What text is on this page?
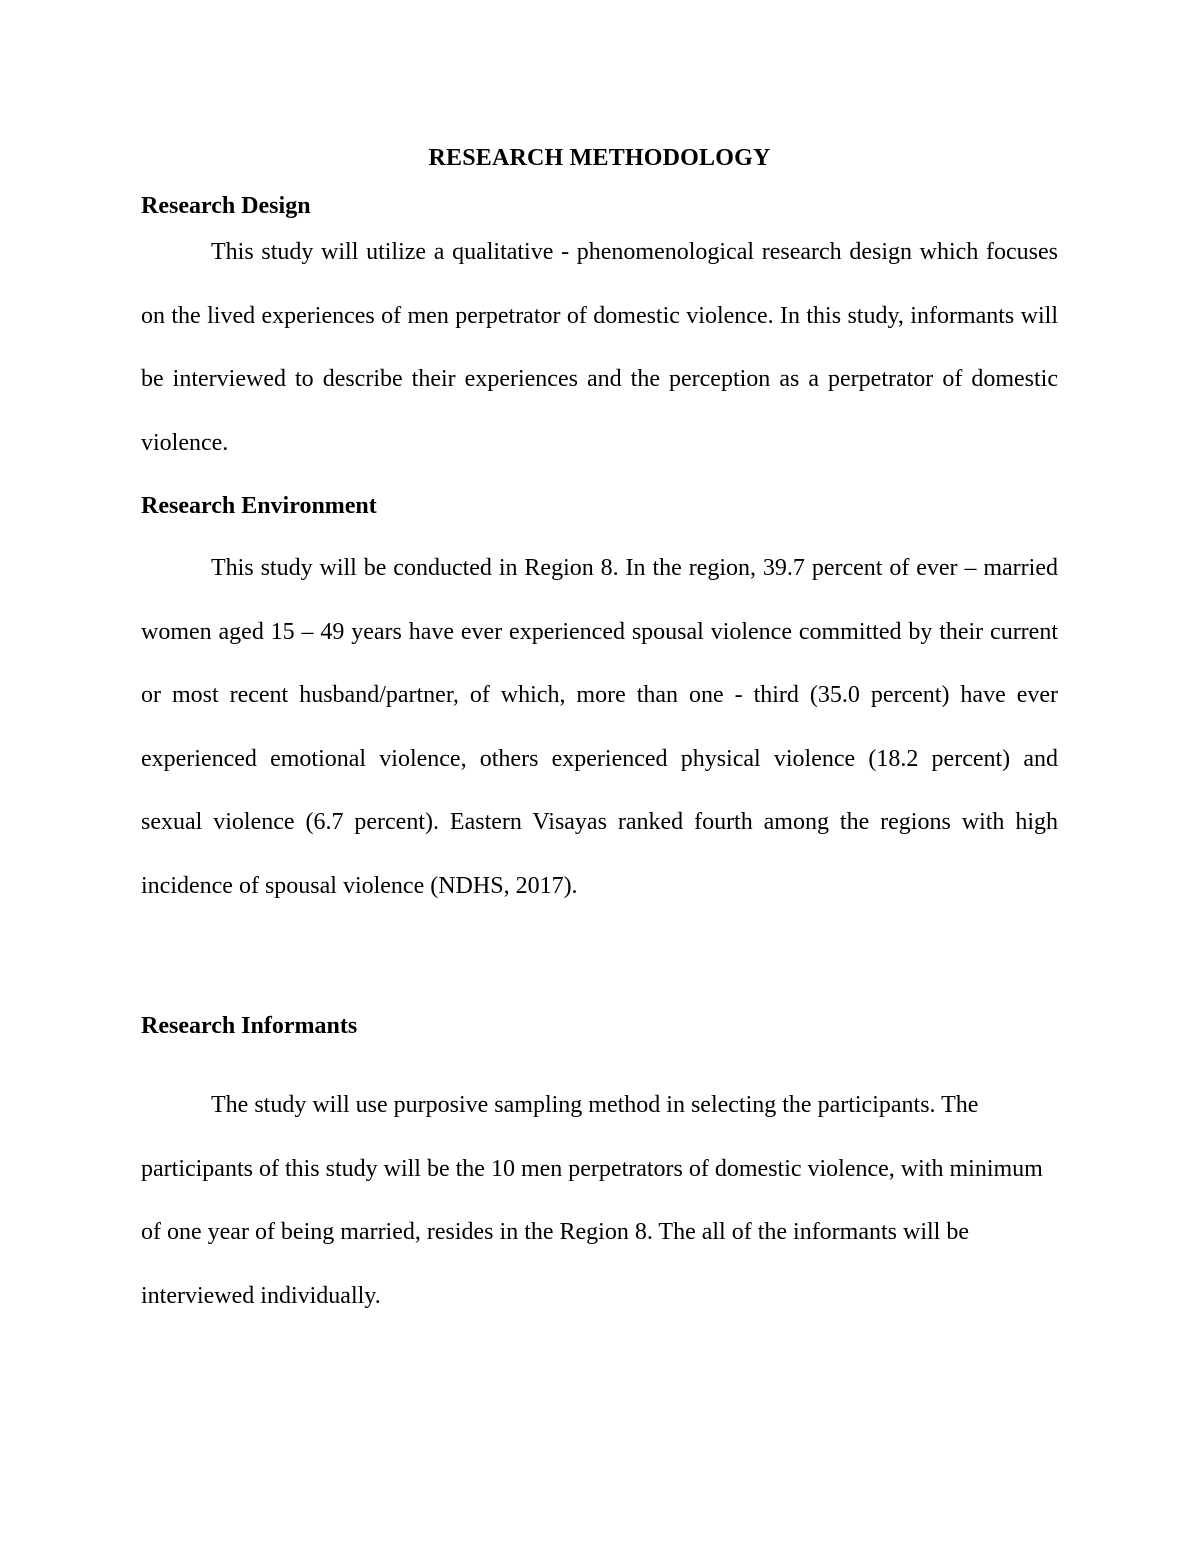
RESEARCH METHODOLOGY
Research Design

This study will utilize a qualitative - phenomenological research design which focuses on the lived experiences of men perpetrator of domestic violence. In this study, informants will be interviewed to describe their experiences and the perception as a perpetrator of domestic violence.

Research Environment

This study will be conducted in Region 8. In the region, 39.7 percent of ever – married women aged 15 – 49 years have ever experienced spousal violence committed by their current or most recent husband/partner, of which, more than one - third (35.0 percent) have ever experienced emotional violence, others experienced physical violence (18.2 percent) and sexual violence (6.7 percent). Eastern Visayas ranked fourth among the regions with high incidence of spousal violence (NDHS, 2017).

Research Informants

The study will use purposive sampling method in selecting the participants. The participants of this study will be the 10 men perpetrators of domestic violence, with minimum of one year of being married, resides in the Region 8. The all of the informants will be interviewed individually.
